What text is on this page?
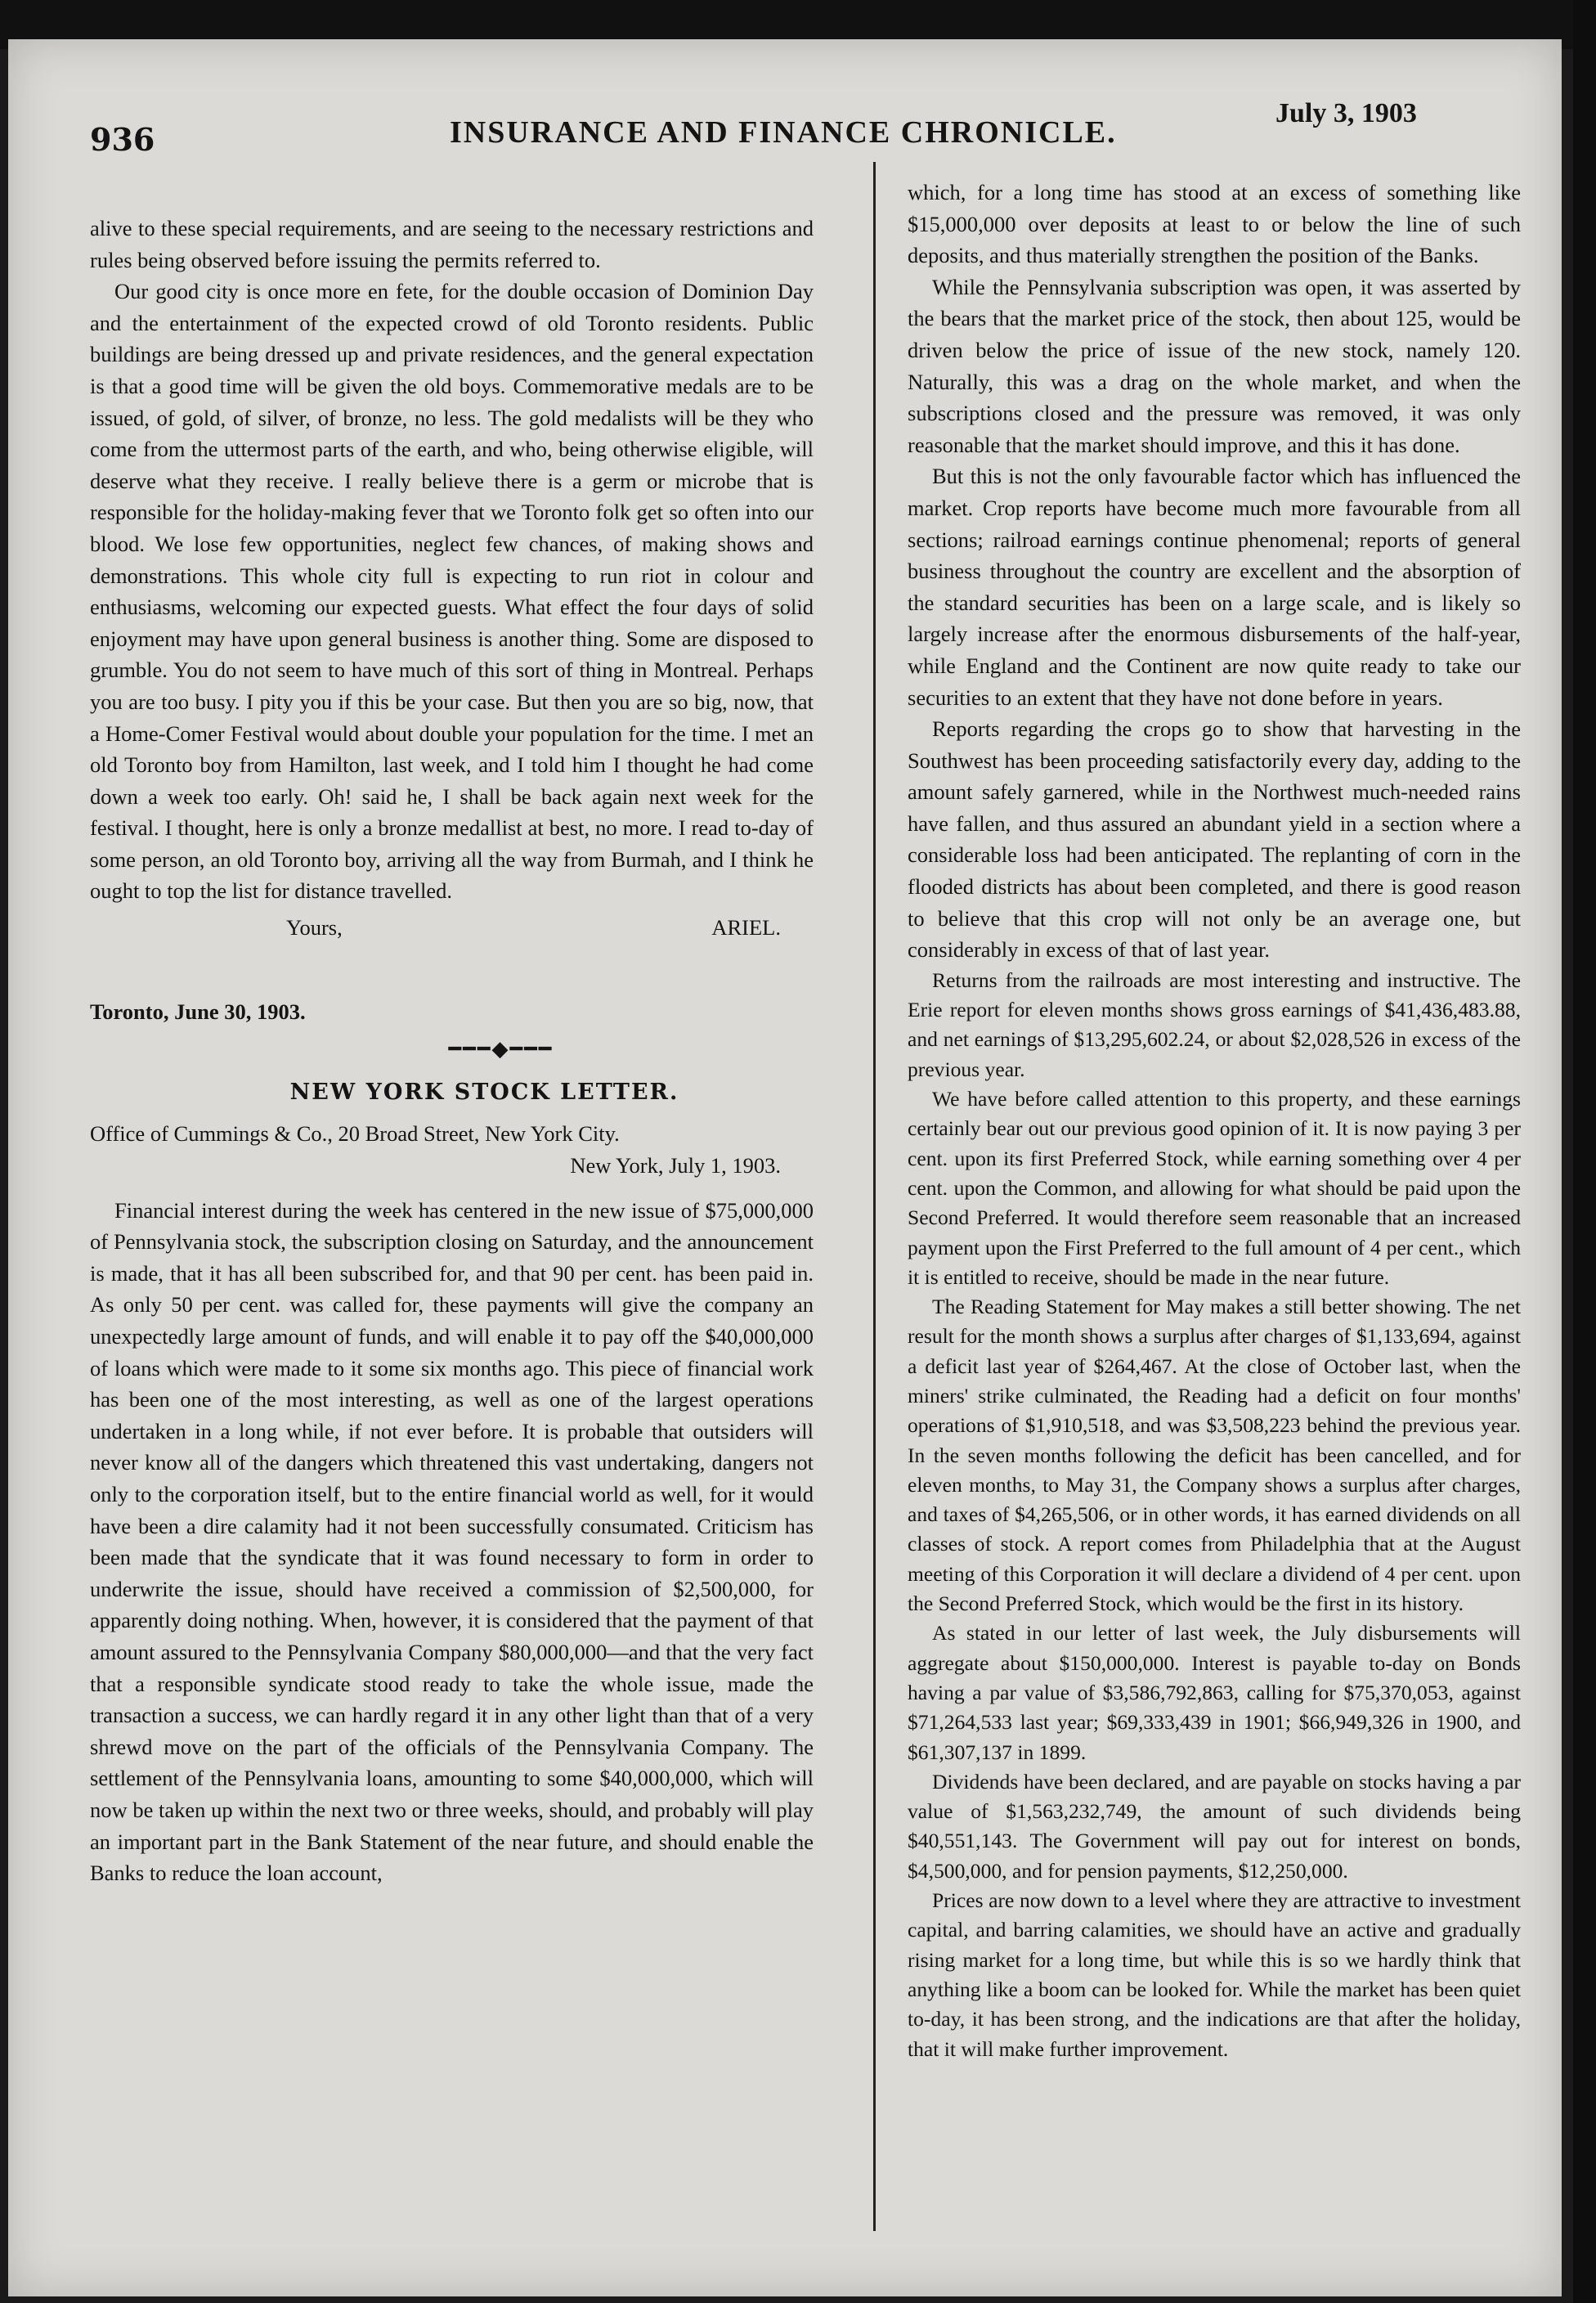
936	INSURANCE AND FINANCE CHRONICLE.
July 3, 1903

alive to these special requirements, and are seeing to the necessary restrictions and rules being observed before issuing the permits referred to.

Our good city is once more en fete, for the double occasion of Dominion Day and the entertainment of the expected crowd of old Toronto residents. Public buildings are being dressed up and private residences, and the general expectation is that a good time will be given the old boys. Commemorative medals are to be issued, of gold, of silver, of bronze, no less. The gold medalists will be they who come from the uttermost parts of the earth, and who, being otherwise eligible, will deserve what they receive. I really believe there is a germ or microbe that is responsible for the holiday-making fever that we Toronto folk get so often into our blood. We lose few opportunities, neglect few chances, of making shows and demonstrations. This whole city full is expecting to run riot in colour and enthusiasms, welcoming our expected guests. What effect the four days of solid enjoyment may have upon general business is another thing. Some are disposed to grumble. You do not seem to have much of this sort of thing in Montreal. Perhaps you are too busy. I pity you if this be your case. But then you are so big, now, that a Home-Comer Festival would about double your population for the time. I met an old Toronto boy from Hamilton, last week, and I told him I thought he had come down a week too early. Oh! said he, I shall be back again next week for the festival. I thought, here is only a bronze medallist at best, no more. I read to-day of some person, an old Toronto boy, arriving all the way from Burmah, and I think he ought to top the list for distance travelled.

Yours,	ARIEL.
Toronto, June 30, 1903.
━━━◆━━━
NEW YORK STOCK LETTER.

Office of Cummings & Co., 20 Broad Street, New York City.

New York, July 1, 1903.

Financial interest during the week has centered in the new issue of $75,000,000 of Pennsylvania stock, the subscription closing on Saturday, and the announcement is made, that it has all been subscribed for, and that 90 per cent. has been paid in. As only 50 per cent. was called for, these payments will give the company an unexpectedly large amount of funds, and will enable it to pay off the $40,000,000 of loans which were made to it some six months ago. This piece of financial work has been one of the most interesting, as well as one of the largest operations undertaken in a long while, if not ever before. It is probable that outsiders will never know all of the dangers which threatened this vast undertaking, dangers not only to the corporation itself, but to the entire financial world as well, for it would have been a dire calamity had it not been successfully consumated. Criticism has been made that the syndicate that it was found necessary to form in order to underwrite the issue, should have received a commission of $2,500,000, for apparently doing nothing. When, however, it is considered that the payment of that amount assured to the Pennsylvania Company $80,000,000—and that the very fact that a responsible syndicate stood ready to take the whole issue, made the transaction a success, we can hardly regard it in any other light than that of a very shrewd move on the part of the officials of the Pennsylvania Company. The settlement of the Pennsylvania loans, amounting to some $40,000,000, which will now be taken up within the next two or three weeks, should, and probably will play an important part in the Bank Statement of the near future, and should enable the Banks to reduce the loan account,

which, for a long time has stood at an excess of something like $15,000,000 over deposits at least to or below the line of such deposits, and thus materially strengthen the position of the Banks.

While the Pennsylvania subscription was open, it was asserted by the bears that the market price of the stock, then about 125, would be driven below the price of issue of the new stock, namely 120. Naturally, this was a drag on the whole market, and when the subscriptions closed and the pressure was removed, it was only reasonable that the market should improve, and this it has done.

But this is not the only favourable factor which has influenced the market. Crop reports have become much more favourable from all sections; railroad earnings continue phenomenal; reports of general business throughout the country are excellent and the absorption of the standard securities has been on a large scale, and is likely so largely increase after the enormous disbursements of the half-year, while England and the Continent are now quite ready to take our securities to an extent that they have not done before in years.

Reports regarding the crops go to show that harvesting in the Southwest has been proceeding satisfactorily every day, adding to the amount safely garnered, while in the Northwest much-needed rains have fallen, and thus assured an abundant yield in a section where a considerable loss had been anticipated. The replanting of corn in the flooded districts has about been completed, and there is good reason to believe that this crop will not only be an average one, but considerably in excess of that of last year.

Returns from the railroads are most interesting and instructive. The Erie report for eleven months shows gross earnings of $41,436,483.88, and net earnings of $13,295,602.24, or about $2,028,526 in excess of the previous year.

We have before called attention to this property, and these earnings certainly bear out our previous good opinion of it. It is now paying 3 per cent. upon its first Preferred Stock, while earning something over 4 per cent. upon the Common, and allowing for what should be paid upon the Second Preferred. It would therefore seem reasonable that an increased payment upon the First Preferred to the full amount of 4 per cent., which it is entitled to receive, should be made in the near future.

The Reading Statement for May makes a still better showing. The net result for the month shows a surplus after charges of $1,133,694, against a deficit last year of $264,467. At the close of October last, when the miners' strike culminated, the Reading had a deficit on four months' operations of $1,910,518, and was $3,508,223 behind the previous year. In the seven months following the deficit has been cancelled, and for eleven months, to May 31, the Company shows a surplus after charges, and taxes of $4,265,506, or in other words, it has earned dividends on all classes of stock. A report comes from Philadelphia that at the August meeting of this Corporation it will declare a dividend of 4 per cent. upon the Second Preferred Stock, which would be the first in its history.

As stated in our letter of last week, the July disbursements will aggregate about $150,000,000. Interest is payable to-day on Bonds having a par value of $3,586,792,863, calling for $75,370,053, against $71,264,533 last year; $69,333,439 in 1901; $66,949,326 in 1900, and $61,307,137 in 1899.

Dividends have been declared, and are payable on stocks having a par value of $1,563,232,749, the amount of such dividends being $40,551,143. The Government will pay out for interest on bonds, $4,500,000, and for pension payments, $12,250,000.

Prices are now down to a level where they are attractive to investment capital, and barring calamities, we should have an active and gradually rising market for a long time, but while this is so we hardly think that anything like a boom can be looked for. While the market has been quiet to-day, it has been strong, and the indications are that after the holiday, that it will make further improvement.
